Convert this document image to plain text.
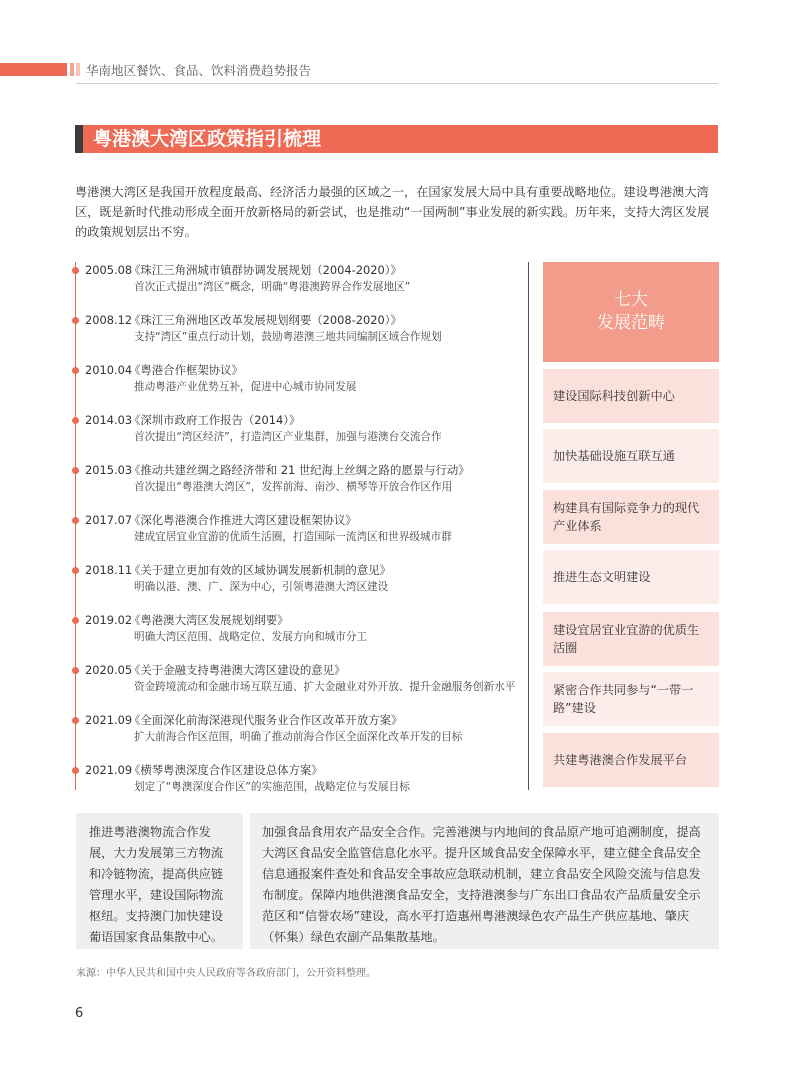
华南地区餐饮、食品、饮料消费趋势报告
粤港澳大湾区政策指引梳理
粤港澳大湾区是我国开放程度最高、经济活力最强的区域之一，在国家发展大局中具有重要战略地位。建设粤港澳大湾区，既是新时代推动形成全面开放新格局的新尝试，也是推动“一国两制”事业发展的新实践。历年来，支持大湾区发展的政策规划层出不穷。
2005.08《珠江三角洲城市镇群协调发展规划（2004-2020）》
首次正式提出“湾区”概念，明确“粤港澳跨界合作发展地区”
2008.12《珠江三角洲地区改革发展规划纲要（2008-2020）》
支持“湾区”重点行动计划，鼓励粤港澳三地共同编制区域合作规划
2010.04《粤港合作框架协议》
推动粤港产业优势互补，促进中心城市协同发展
2014.03《深圳市政府工作报告（2014）》
首次提出“湾区经济”，打造湾区产业集群，加强与港澳台交流合作
2015.03《推动共建丝绸之路经济带和 21 世纪海上丝绸之路的愿景与行动》
首次提出“粤港澳大湾区”，发挥前海、南沙、横琴等开放合作区作用
2017.07《深化粤港澳合作推进大湾区建设框架协议》
建成宜居宜业宜游的优质生活圈，打造国际一流湾区和世界级城市群
2018.11《关于建立更加有效的区域协调发展新机制的意见》
明确以港、澳、广、深为中心，引领粤港澳大湾区建设
2019.02《粤港澳大湾区发展规划纲要》
明确大湾区范围、战略定位、发展方向和城市分工
2020.05《关于金融支持粤港澳大湾区建设的意见》
资金跨境流动和金融市场互联互通、扩大金融业对外开放、提升金融服务创新水平
2021.09《全面深化前海深港现代服务业合作区改革开放方案》
扩大前海合作区范围，明确了推动前海合作区全面深化改革开发的目标
2021.09《横琴粤澳深度合作区建设总体方案》
划定了“粤澳深度合作区”的实施范围，战略定位与发展目标
七大
发展范畴
建设国际科技创新中心
加快基础设施互联互通
构建具有国际竞争力的现代产业体系
推进生态文明建设
建设宜居宜业宜游的优质生活圈
紧密合作共同参与“一带一路”建设
共建粤港澳合作发展平台
推进粤港澳物流合作发展，大力发展第三方物流和冷链物流，提高供应链管理水平，建设国际物流枢纽。支持澳门加快建设葡语国家食品集散中心。
加强食品食用农产品安全合作。完善港澳与内地间的食品原产地可追溯制度，提高大湾区食品安全监管信息化水平。提升区域食品安全保障水平，建立健全食品安全信息通报案件查处和食品安全事故应急联动机制，建立食品安全风险交流与信息发布制度。保障内地供港澳食品安全，支持港澳参与广东出口食品农产品质量安全示范区和“信誉农场”建设，高水平打造惠州粤港澳绿色农产品生产供应基地、肇庆（怀集）绿色农副产品集散基地。
来源：中华人民共和国中央人民政府等各政府部门，公开资料整理。
6
